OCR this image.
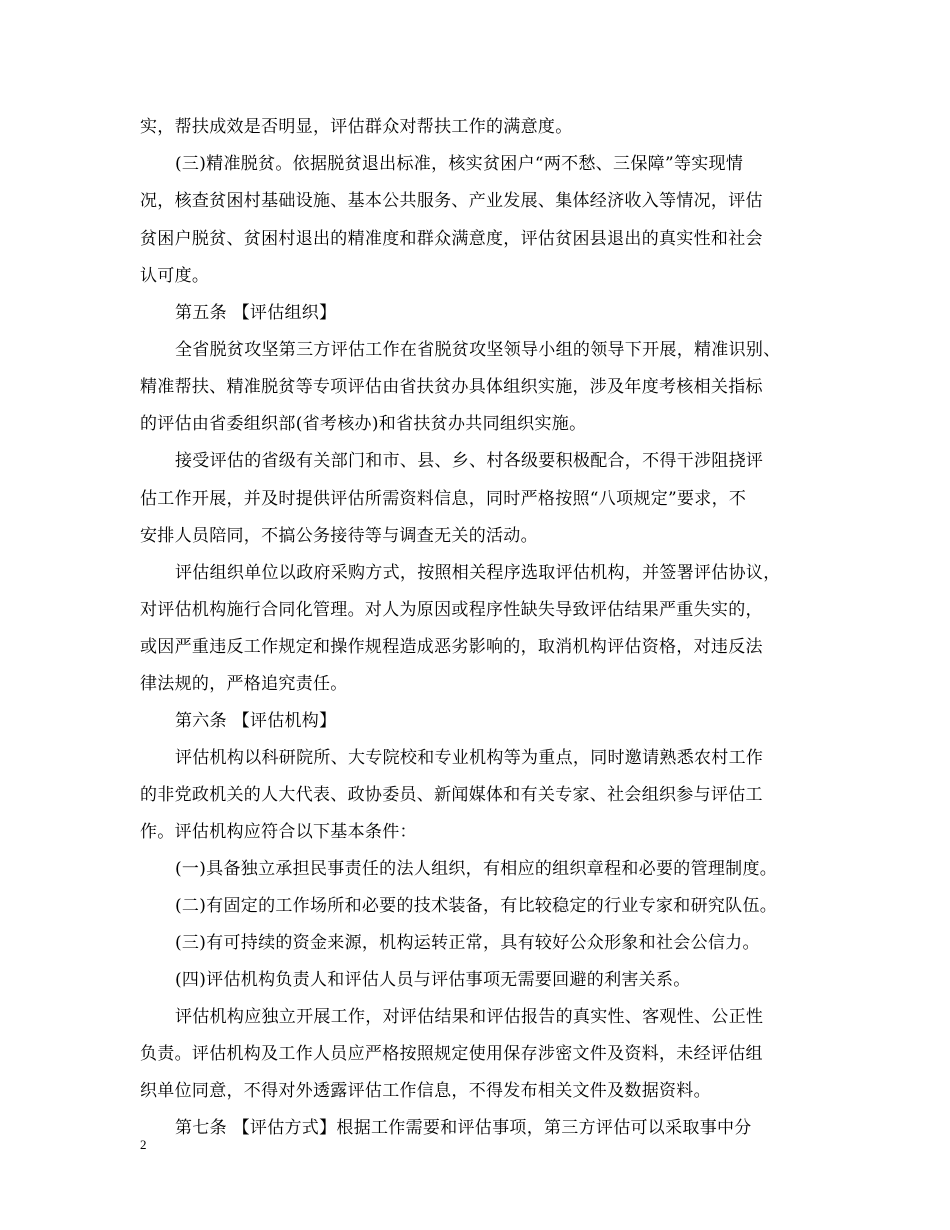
实，帮扶成效是否明显，评估群众对帮扶工作的满意度。
(三)精准脱贫。依据脱贫退出标准，核实贫困户“两不愁、三保障”等实现情
况，核查贫困村基础设施、基本公共服务、产业发展、集体经济收入等情况，评估
贫困户脱贫、贫困村退出的精准度和群众满意度，评估贫困县退出的真实性和社会
认可度。
第五条 【评估组织】
全省脱贫攻坚第三方评估工作在省脱贫攻坚领导小组的领导下开展，精准识别、
精准帮扶、精准脱贫等专项评估由省扶贫办具体组织实施，涉及年度考核相关指标
的评估由省委组织部(省考核办)和省扶贫办共同组织实施。
接受评估的省级有关部门和市、县、乡、村各级要积极配合，不得干涉阻挠评
估工作开展，并及时提供评估所需资料信息，同时严格按照“八项规定”要求，不
安排人员陪同，不搞公务接待等与调查无关的活动。
评估组织单位以政府采购方式，按照相关程序选取评估机构，并签署评估协议，
对评估机构施行合同化管理。对人为原因或程序性缺失导致评估结果严重失实的，
或因严重违反工作规定和操作规程造成恶劣影响的，取消机构评估资格，对违反法
律法规的，严格追究责任。
第六条 【评估机构】
评估机构以科研院所、大专院校和专业机构等为重点，同时邀请熟悉农村工作
的非党政机关的人大代表、政协委员、新闻媒体和有关专家、社会组织参与评估工
作。评估机构应符合以下基本条件：
(一)具备独立承担民事责任的法人组织，有相应的组织章程和必要的管理制度。
(二)有固定的工作场所和必要的技术装备，有比较稳定的行业专家和研究队伍。
(三)有可持续的资金来源，机构运转正常，具有较好公众形象和社会公信力。
(四)评估机构负责人和评估人员与评估事项无需要回避的利害关系。
评估机构应独立开展工作，对评估结果和评估报告的真实性、客观性、公正性
负责。评估机构及工作人员应严格按照规定使用保存涉密文件及资料，未经评估组
织单位同意，不得对外透露评估工作信息，不得发布相关文件及数据资料。
第七条 【评估方式】根据工作需要和评估事项，第三方评估可以采取事中分
2
